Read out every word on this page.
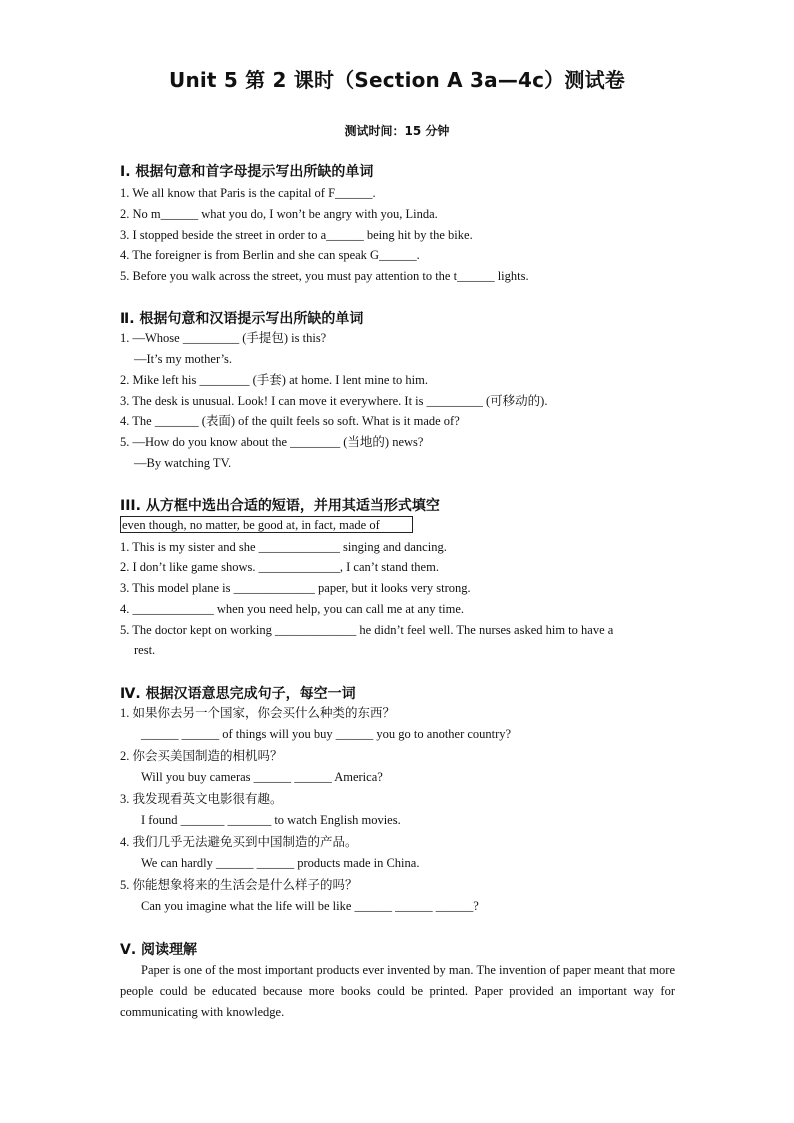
Unit 5 第 2 课时（Section A 3a—4c）测试卷
测试时间：15 分钟
Ⅰ. 根据句意和首字母提示写出所缺的单词
1. We all know that Paris is the capital of F______.
2. No m______ what you do, I won’t be angry with you, Linda.
3. I stopped beside the street in order to a______ being hit by the bike.
4. The foreigner is from Berlin and she can speak G______.
5. Before you walk across the street, you must pay attention to the t______ lights.
Ⅱ. 根据句意和汉语提示写出所缺的单词
1. —Whose _________ (手提包) is this?
—It’s my mother’s.
2. Mike left his ________ (手套) at home. I lent mine to him.
3. The desk is unusual. Look! I can move it everywhere. It is _________ (可移动的).
4. The _______ (表面) of the quilt feels so soft. What is it made of?
5. —How do you know about the ________ (当地的) news?
—By watching TV.
III. 从方框中选出合适的短语，并用其适当形式填空
even though, no matter, be good at, in fact, made of
1. This is my sister and she _____________ singing and dancing.
2. I don’t like game shows. _____________, I can’t stand them.
3. This model plane is _____________ paper, but it looks very strong.
4. _____________ when you need help, you can call me at any time.
5. The doctor kept on working _____________ he didn’t feel well. The nurses asked him to have a
rest.
Ⅳ. 根据汉语意思完成句子，每空一词
1. 如果你去另一个国家，你会买什么种类的东西？
______ ______ of things will you buy ______ you go to another country?
2. 你会买美国制造的相机吗？
Will you buy cameras ______ ______ America?
3. 我发现看英文电影很有趣。
I found _______ _______ to watch English movies.
4. 我们几乎无法避免买到中国制造的产品。
We can hardly ______ ______ products made in China.
5. 你能想象将来的生活会是什么样子的吗？
Can you imagine what the life will be like ______ ______ ______?
Ⅴ. 阅读理解
Paper is one of the most important products ever invented by man. The invention of paper meant that more people could be educated because more books could be printed. Paper provided an important way for communicating with knowledge.
